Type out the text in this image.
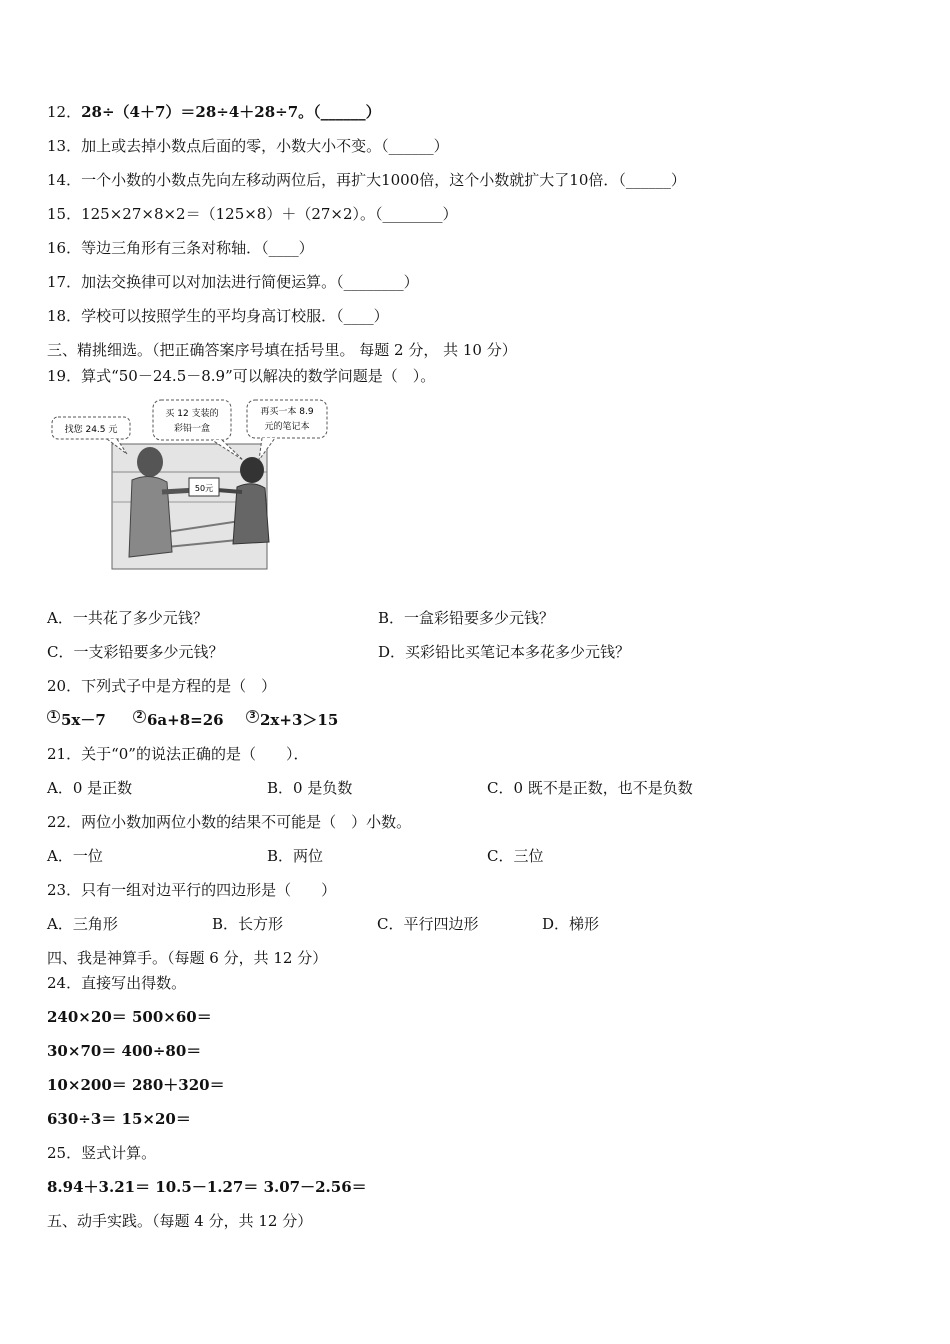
12．28÷（4＋7）＝28÷4＋28÷7。（______）
13．加上或去掉小数点后面的零，小数大小不变。（______）
14．一个小数的小数点先向左移动两位后，再扩大1000倍，这个小数就扩大了10倍．（______）
15．125×27×8×2＝（125×8）＋（27×2）。（________）
16．等边三角形有三条对称轴．（____）
17．加法交换律可以对加法进行简便运算。（________）
18．学校可以按照学生的平均身高订校服．（____）
三、精挑细选。（把正确答案序号填在括号里。 每题 2 分， 共 10 分）
19．算式“50－24.5－8.9”可以解决的数学问题是（　）。
50元
找您 24.5 元
买 12 支装的
彩铅一盒
再买一本 8.9
元的笔记本
A．一共花了多少元钱？	B．一盒彩铅要多少元钱？
C．一支彩铅要多少元钱？	D．买彩铅比买笔记本多花多少元钱？
20．下列式子中是方程的是（　）
1 5x－7	2 6a+8=26	3 2x+3＞15
21．关于“0”的说法正确的是（　　）．
A．0 是正数	B．0 是负数	C．0 既不是正数，也不是负数
22．两位小数加两位小数的结果不可能是（　）小数。
A．一位	B．两位	C．三位
23．只有一组对边平行的四边形是（　　）
A．三角形	B．长方形	C．平行四边形	D．梯形
四、我是神算手。（每题 6 分，共 12 分）
24．直接写出得数。
240×20＝ 500×60＝
30×70＝ 400÷80＝
10×200＝ 280＋320＝
630÷3＝ 15×20＝
25．竖式计算。
8.94＋3.21＝ 10.5－1.27＝ 3.07－2.56＝
五、动手实践。（每题 4 分，共 12 分）
